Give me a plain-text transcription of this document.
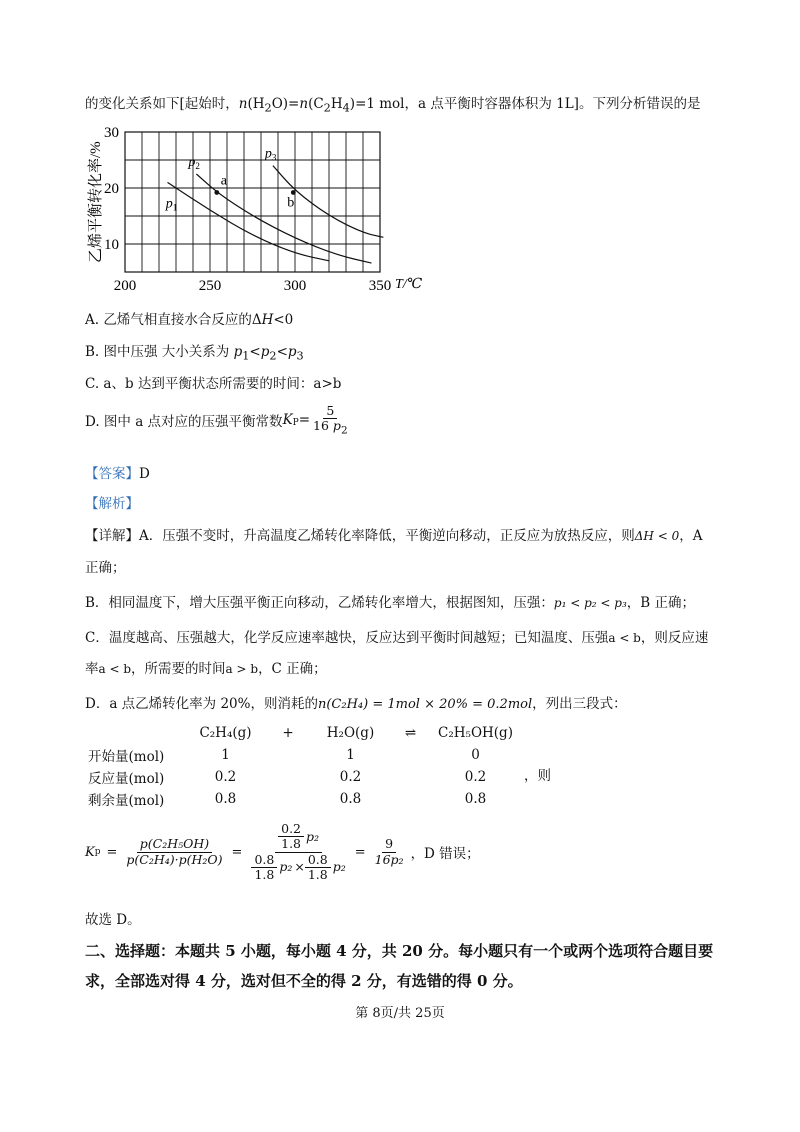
的变化关系如下[起始时，$n(H_2O)=n(C_2H_4)=1$ mol，a 点平衡时容器体积为 1L]。下列分析错误的是
$p_1$
$p_2$
$p_3$
200	250	300	350
10
20
30
a
b
乙烯平衡转化率/%
T/℃
A. 乙烯气相直接水合反应的ΔH<0
B. 图中压强 大小关系为 $p_1<p_2<p_3$
C. a、b 达到平衡状态所需要的时间：a>b
D. 图中 a 点对应的压强平衡常数 $K_P = \frac{5}{16 p_2}$
【答案】D
【解析】
【详解】A．压强不变时，升高温度乙烯转化率降低，平衡逆向移动，正反应为放热反应，则ΔH < 0，A
正确；
B．相同温度下，增大压强平衡正向移动，乙烯转化率增大，根据图知，压强：p₁ < p₂ < p₃，B 正确；
C．温度越高、压强越大，化学反应速率越快，反应达到平衡时间越短；已知温度、压强a < b，则反应速
率a < b，所需要的时间a > b，C 正确；
D．a 点乙烯转化率为 20%，则消耗的n(C₂H₄) = 1mol × 20% = 0.2mol，列出三段式：
	C₂H₄(g)	+	H₂O(g)	⇌	C₂H₅OH(g)
开始量(mol)	1		1		0
反应量(mol)	0.2		0.2		0.2
剩余量(mol)	0.8		0.8		0.8
，则
K $p = \frac{\text{p(C₂H₅OH)}}{\text{p(C₂H₄)·p(H₂O)}} = \frac{\frac{0.2}{1.8} p_2}{\frac{0.8}{1.8} p_2 \times \frac{0.8}{1.8} p_2} = \frac{9}{\text{16p₂}}$ ，D 错误；
故选 D。
二、选择题：本题共 5 小题，每小题 4 分，共 20 分。每小题只有一个或两个选项符合题目要
求，全部选对得 4 分，选对但不全的得 2 分，有选错的得 0 分。
第 8页/共 25页
